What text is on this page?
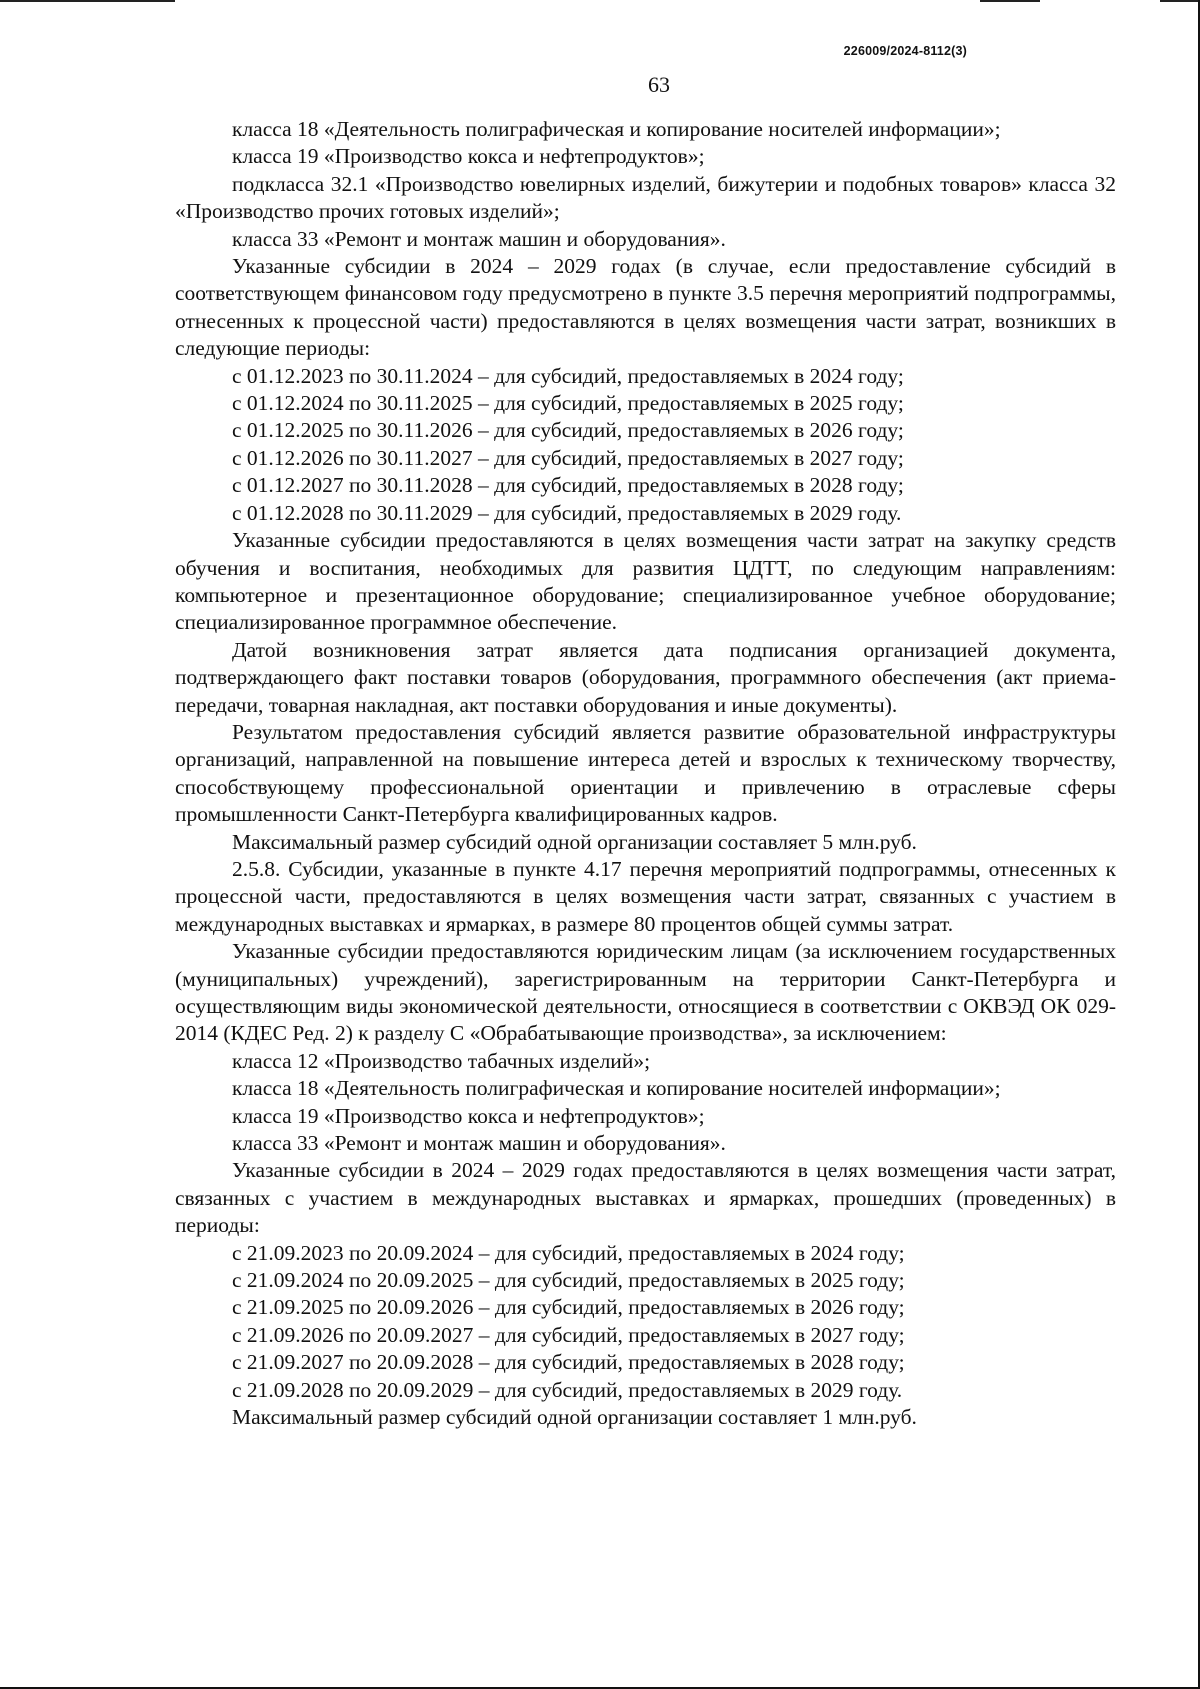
226009/2024-8112(3)
63

класса 18 «Деятельность полиграфическая и копирование носителей информации»;

класса 19 «Производство кокса и нефтепродуктов»;

подкласса 32.1 «Производство ювелирных изделий, бижутерии и подобных товаров» класса 32 «Производство прочих готовых изделий»;

класса 33 «Ремонт и монтаж машин и оборудования».

Указанные субсидии в 2024 – 2029 годах (в случае, если предоставление субсидий в соответствующем финансовом году предусмотрено в пункте 3.5 перечня мероприятий подпрограммы, отнесенных к процессной части) предоставляются в целях возмещения части затрат, возникших в следующие периоды:

с 01.12.2023 по 30.11.2024 – для субсидий, предоставляемых в 2024 году;

с 01.12.2024 по 30.11.2025 – для субсидий, предоставляемых в 2025 году;

с 01.12.2025 по 30.11.2026 – для субсидий, предоставляемых в 2026 году;

с 01.12.2026 по 30.11.2027 – для субсидий, предоставляемых в 2027 году;

с 01.12.2027 по 30.11.2028 – для субсидий, предоставляемых в 2028 году;

с 01.12.2028 по 30.11.2029 – для субсидий, предоставляемых в 2029 году.

Указанные субсидии предоставляются в целях возмещения части затрат на закупку средств обучения и воспитания, необходимых для развития ЦДТТ, по следующим направлениям: компьютерное и презентационное оборудование; специализированное учебное оборудование; специализированное программное обеспечение.

Датой возникновения затрат является дата подписания организацией документа, подтверждающего факт поставки товаров (оборудования, программного обеспечения (акт приема-передачи, товарная накладная, акт поставки оборудования и иные документы).

Результатом предоставления субсидий является развитие образовательной инфраструктуры организаций, направленной на повышение интереса детей и взрослых к техническому творчеству, способствующему профессиональной ориентации и привлечению в отраслевые сферы промышленности Санкт-Петербурга квалифицированных кадров.

Максимальный размер субсидий одной организации составляет 5 млн.руб.

2.5.8. Субсидии, указанные в пункте 4.17 перечня мероприятий подпрограммы, отнесенных к процессной части, предоставляются в целях возмещения части затрат, связанных с участием в международных выставках и ярмарках, в размере 80 процентов общей суммы затрат.

Указанные субсидии предоставляются юридическим лицам (за исключением государственных (муниципальных) учреждений), зарегистрированным на территории Санкт-Петербурга и осуществляющим виды экономической деятельности, относящиеся в соответствии с ОКВЭД ОК 029-2014 (КДЕС Ред. 2) к разделу С «Обрабатывающие производства», за исключением:

класса 12 «Производство табачных изделий»;

класса 18 «Деятельность полиграфическая и копирование носителей информации»;

класса 19 «Производство кокса и нефтепродуктов»;

класса 33 «Ремонт и монтаж машин и оборудования».

Указанные субсидии в 2024 – 2029 годах предоставляются в целях возмещения части затрат, связанных с участием в международных выставках и ярмарках, прошедших (проведенных) в периоды:

с 21.09.2023 по 20.09.2024 – для субсидий, предоставляемых в 2024 году;

с 21.09.2024 по 20.09.2025 – для субсидий, предоставляемых в 2025 году;

с 21.09.2025 по 20.09.2026 – для субсидий, предоставляемых в 2026 году;

с 21.09.2026 по 20.09.2027 – для субсидий, предоставляемых в 2027 году;

с 21.09.2027 по 20.09.2028 – для субсидий, предоставляемых в 2028 году;

с 21.09.2028 по 20.09.2029 – для субсидий, предоставляемых в 2029 году.

Максимальный размер субсидий одной организации составляет 1 млн.руб.
